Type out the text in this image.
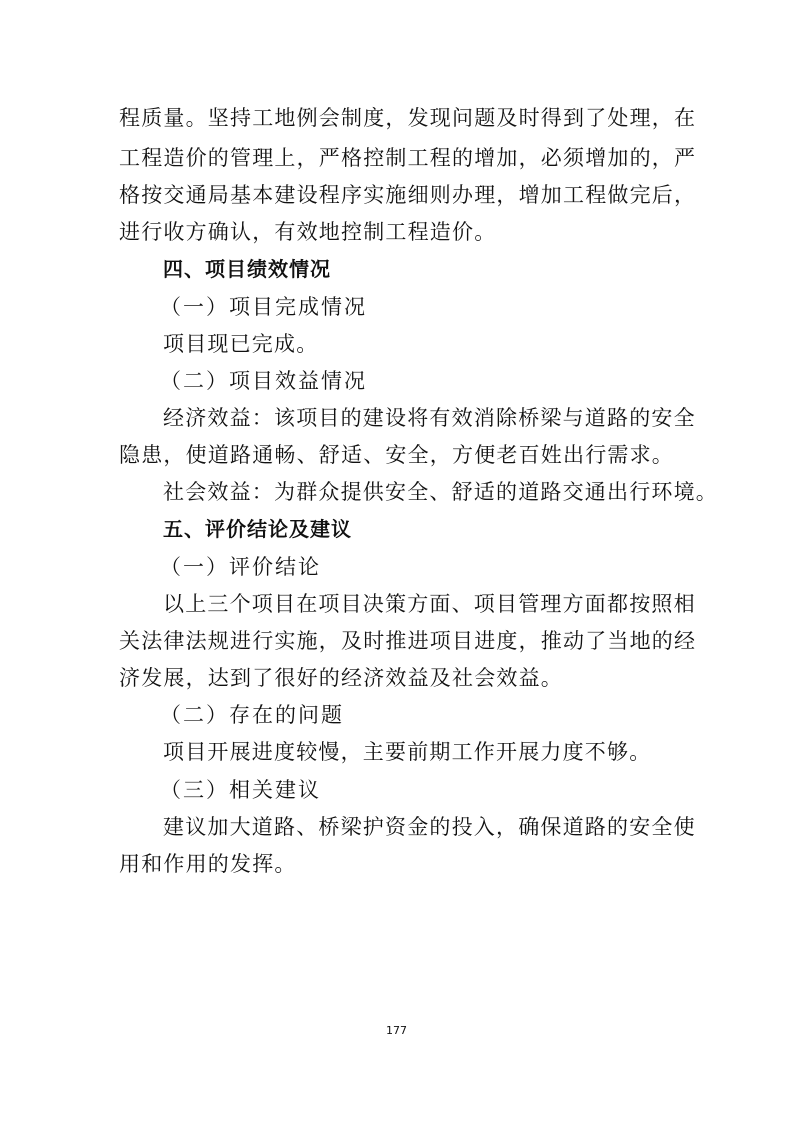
程质量。坚持工地例会制度，发现问题及时得到了处理，在
工程造价的管理上，严格控制工程的增加，必须增加的，严
格按交通局基本建设程序实施细则办理，增加工程做完后，
进行收方确认，有效地控制工程造价。
四、项目绩效情况
（一）项目完成情况
项目现已完成。
（二）项目效益情况
经济效益：该项目的建设将有效消除桥梁与道路的安全
隐患，使道路通畅、舒适、安全，方便老百姓出行需求。
社会效益：为群众提供安全、舒适的道路交通出行环境。
五、评价结论及建议
（一）评价结论
以上三个项目在项目决策方面、项目管理方面都按照相
关法律法规进行实施，及时推进项目进度，推动了当地的经
济发展，达到了很好的经济效益及社会效益。
（二）存在的问题
项目开展进度较慢，主要前期工作开展力度不够。
（三）相关建议
建议加大道路、桥梁护资金的投入，确保道路的安全使
用和作用的发挥。
177
